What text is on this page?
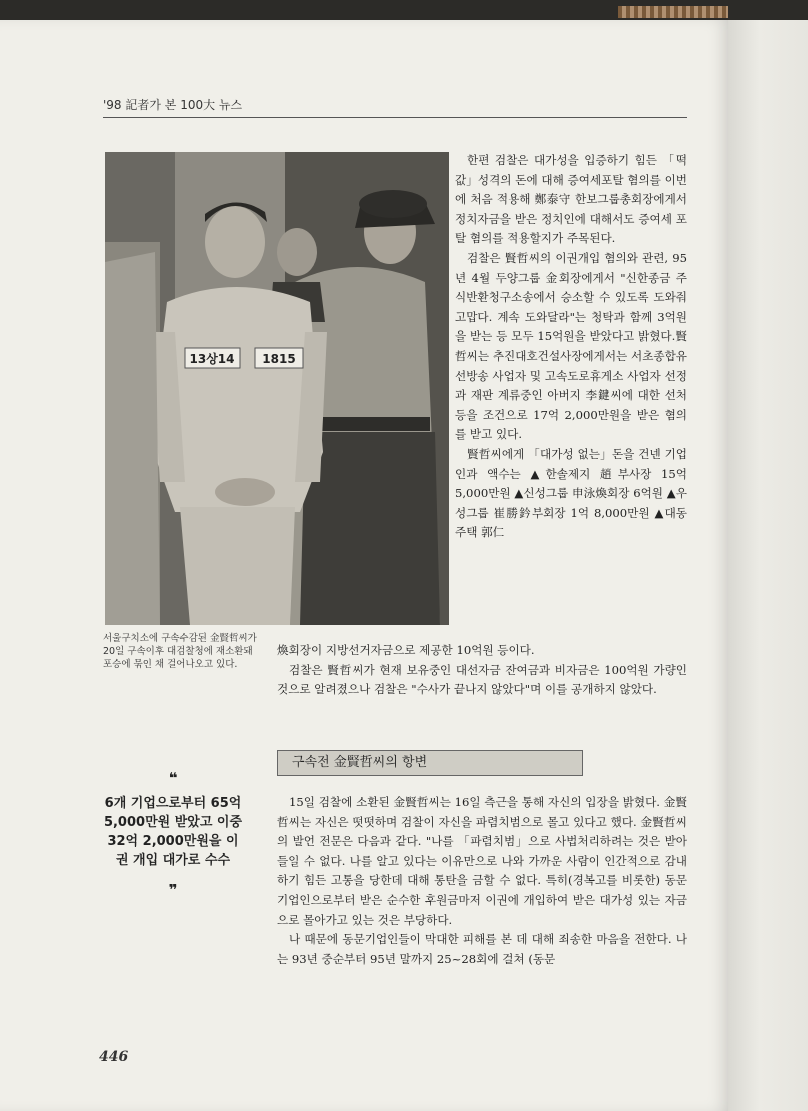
'98 記者가 본 100大 뉴스
13상14 1815
서울구치소에 구속수감된 金賢哲씨가 20일 구속이후 대검찰청에 재소환돼 포승에 묶인 채 걸어나오고 있다.
❝
6개 기업으로부터 65억 5,000만원 받았고 이중 32억 2,000만원을 이권 개입 대가로 수수
❞

한편 검찰은 대가성을 입증하기 힘든 「떡값」성격의 돈에 대해 증여세포탈 혐의를 이번에 처음 적용해 鄭泰守 한보그룹총회장에게서 정치자금을 받은 정치인에 대해서도 증여세 포탈 혐의를 적용할지가 주목된다.

검찰은 賢哲씨의 이권개입 혐의와 관련, 95년 4월 두양그룹 金회장에게서 "신한종금 주식반환청구소송에서 승소할 수 있도록 도와줘 고맙다. 계속 도와달라"는 청탁과 함께 3억원을 받는 등 모두 15억원을 받았다고 밝혔다.賢哲씨는 추진대호건설사장에게서는 서초종합유선방송 사업자 및 고속도로휴게소 사업자 선정과 재판 계류중인 아버지 李鍵씨에 대한 선처 등을 조건으로 17억 2,000만원을 받은 혐의를 받고 있다.

賢哲씨에게 「대가성 없는」돈을 건넨 기업인과 액수는 ▲한솔제지 趙부사장 15억 5,000만원 ▲신성그룹 申泳煥회장 6억원 ▲우성그룹 崔勝鈐부회장 1억 8,000만원 ▲대동주택 郭仁

煥회장이 지방선거자금으로 제공한 10억원 등이다.

검찰은 賢哲씨가 현재 보유중인 대선자금 잔여금과 비자금은 100억원 가량인 것으로 알려졌으나 검찰은 "수사가 끝나지 않았다"며 이를 공개하지 않았다.

구속전 金賢哲씨의 항변

15일 검찰에 소환된 金賢哲씨는 16일 측근을 통해 자신의 입장을 밝혔다. 金賢哲씨는 자신은 떳떳하며 검찰이 자신을 파렴치범으로 몰고 있다고 했다. 金賢哲씨의 발언 전문은 다음과 같다. "나를 「파렴치범」으로 사법처리하려는 것은 받아들일 수 없다. 나를 알고 있다는 이유만으로 나와 가까운 사람이 인간적으로 감내하기 힘든 고통을 당한데 대해 통탄을 금할 수 없다. 특히(경복고를 비롯한) 동문 기업인으로부터 받은 순수한 후원금마저 이권에 개입하여 받은 대가성 있는 자금으로 몰아가고 있는 것은 부당하다.

나 때문에 동문기업인들이 막대한 피해를 본 데 대해 죄송한 마음을 전한다. 나는 93년 중순부터 95년 말까지 25~28회에 걸쳐 (동문

446
